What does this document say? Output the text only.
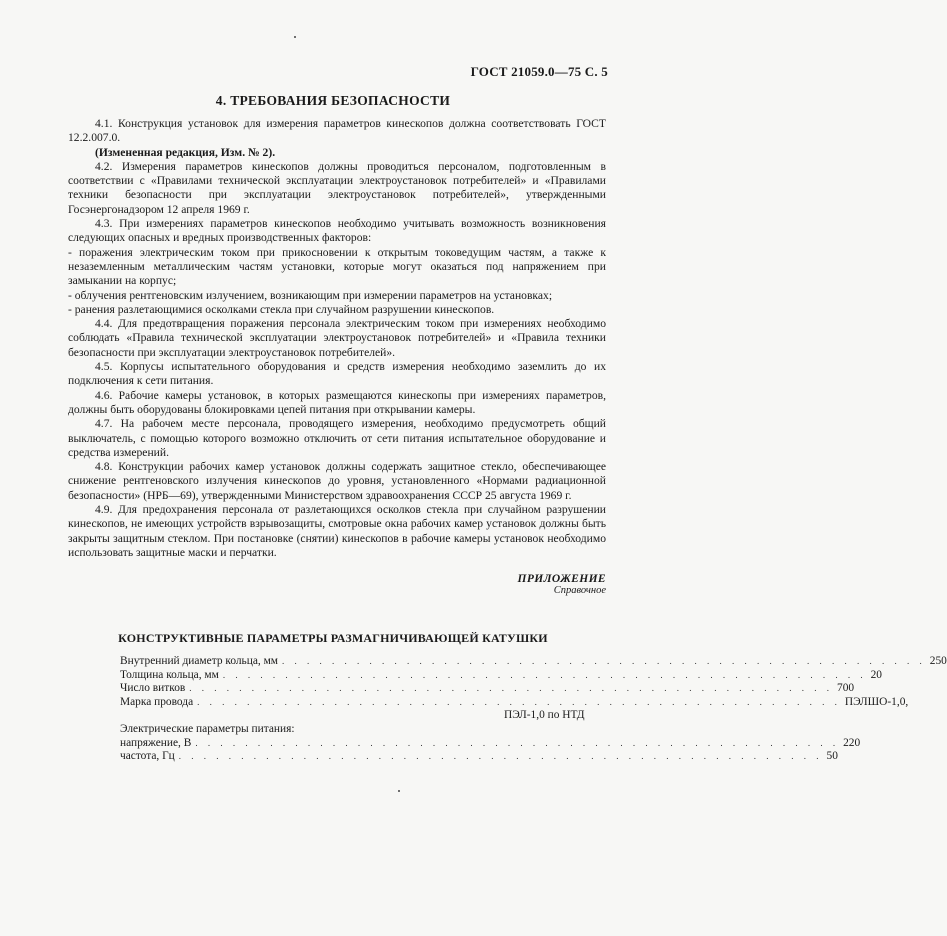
ГОСТ 21059.0—75 С. 5
4. ТРЕБОВАНИЯ БЕЗОПАСНОСТИ

4.1. Конструкция установок для измерения параметров кинескопов должна соответствовать ГОСТ 12.2.007.0.

(Измененная редакция, Изм. № 2).

4.2. Измерения параметров кинескопов должны проводиться персоналом, подготовленным в соответствии с «Правилами технической эксплуатации электроустановок потребителей» и «Правилами техники безопасности при эксплуатации электроустановок потребителей», утвержденными Госэнергонадзором 12 апреля 1969 г.

4.3. При измерениях параметров кинескопов необходимо учитывать возможность возникновения следующих опасных и вредных производственных факторов:

- поражения электрическим током при прикосновении к открытым токоведущим частям, а также к незаземленным металлическим частям установки, которые могут оказаться под напряжением при замыкании на корпус;

- облучения рентгеновским излучением, возникающим при измерении параметров на установках;

- ранения разлетающимися осколками стекла при случайном разрушении кинескопов.

4.4. Для предотвращения поражения персонала электрическим током при измерениях необходимо соблюдать «Правила технической эксплуатации электроустановок потребителей» и «Правила техники безопасности при эксплуатации электроустановок потребителей».

4.5. Корпусы испытательного оборудования и средств измерения необходимо заземлить до их подключения к сети питания.

4.6. Рабочие камеры установок, в которых размещаются кинескопы при измерениях параметров, должны быть оборудованы блокировками цепей питания при открывании камеры.

4.7. На рабочем месте персонала, проводящего измерения, необходимо предусмотреть общий выключатель, с помощью которого возможно отключить от сети питания испытательное оборудование и средства измерений.

4.8. Конструкции рабочих камер установок должны содержать защитное стекло, обеспечивающее снижение рентгеновского излучения кинескопов до уровня, установленного «Нормами радиационной безопасности» (НРБ—69), утвержденными Министерством здравоохранения СССР 25 августа 1969 г.

4.9. Для предохранения персонала от разлетающихся осколков стекла при случайном разрушении кинескопов, не имеющих устройств взрывозащиты, смотровые окна рабочих камер установок должны быть закрыты защитным стеклом. При постановке (снятии) кинескопов в рабочие камеры установок необходимо использовать защитные маски и перчатки.

ПРИЛОЖЕНИЕ
Справочное
КОНСТРУКТИВНЫЕ ПАРАМЕТРЫ РАЗМАГНИЧИВАЮЩЕЙ КАТУШКИ
Внутренний диаметр кольца, мм . . . . . . . . . . . . . . . . . . . . . . . . . . . . . . . . . . . . . . . . . . . . . . . . . . . . 250
Толщина кольца, мм . . . . . . . . . . . . . . . . . . . . . . . . . . . . . . . . . . . . . . . . . . . . . . . . . . . . 20
Число витков . . . . . . . . . . . . . . . . . . . . . . . . . . . . . . . . . . . . . . . . . . . . . . . . . . . . 700
Марка провода . . . . . . . . . . . . . . . . . . . . . . . . . . . . . . . . . . . . . . . . . . . . . . . . . . . . ПЭЛШО-1,0,
ПЭЛ-1,0 по НТД
Электрические параметры питания:
напряжение, В . . . . . . . . . . . . . . . . . . . . . . . . . . . . . . . . . . . . . . . . . . . . . . . . . . . . 220
частота, Гц . . . . . . . . . . . . . . . . . . . . . . . . . . . . . . . . . . . . . . . . . . . . . . . . . . . . 50
